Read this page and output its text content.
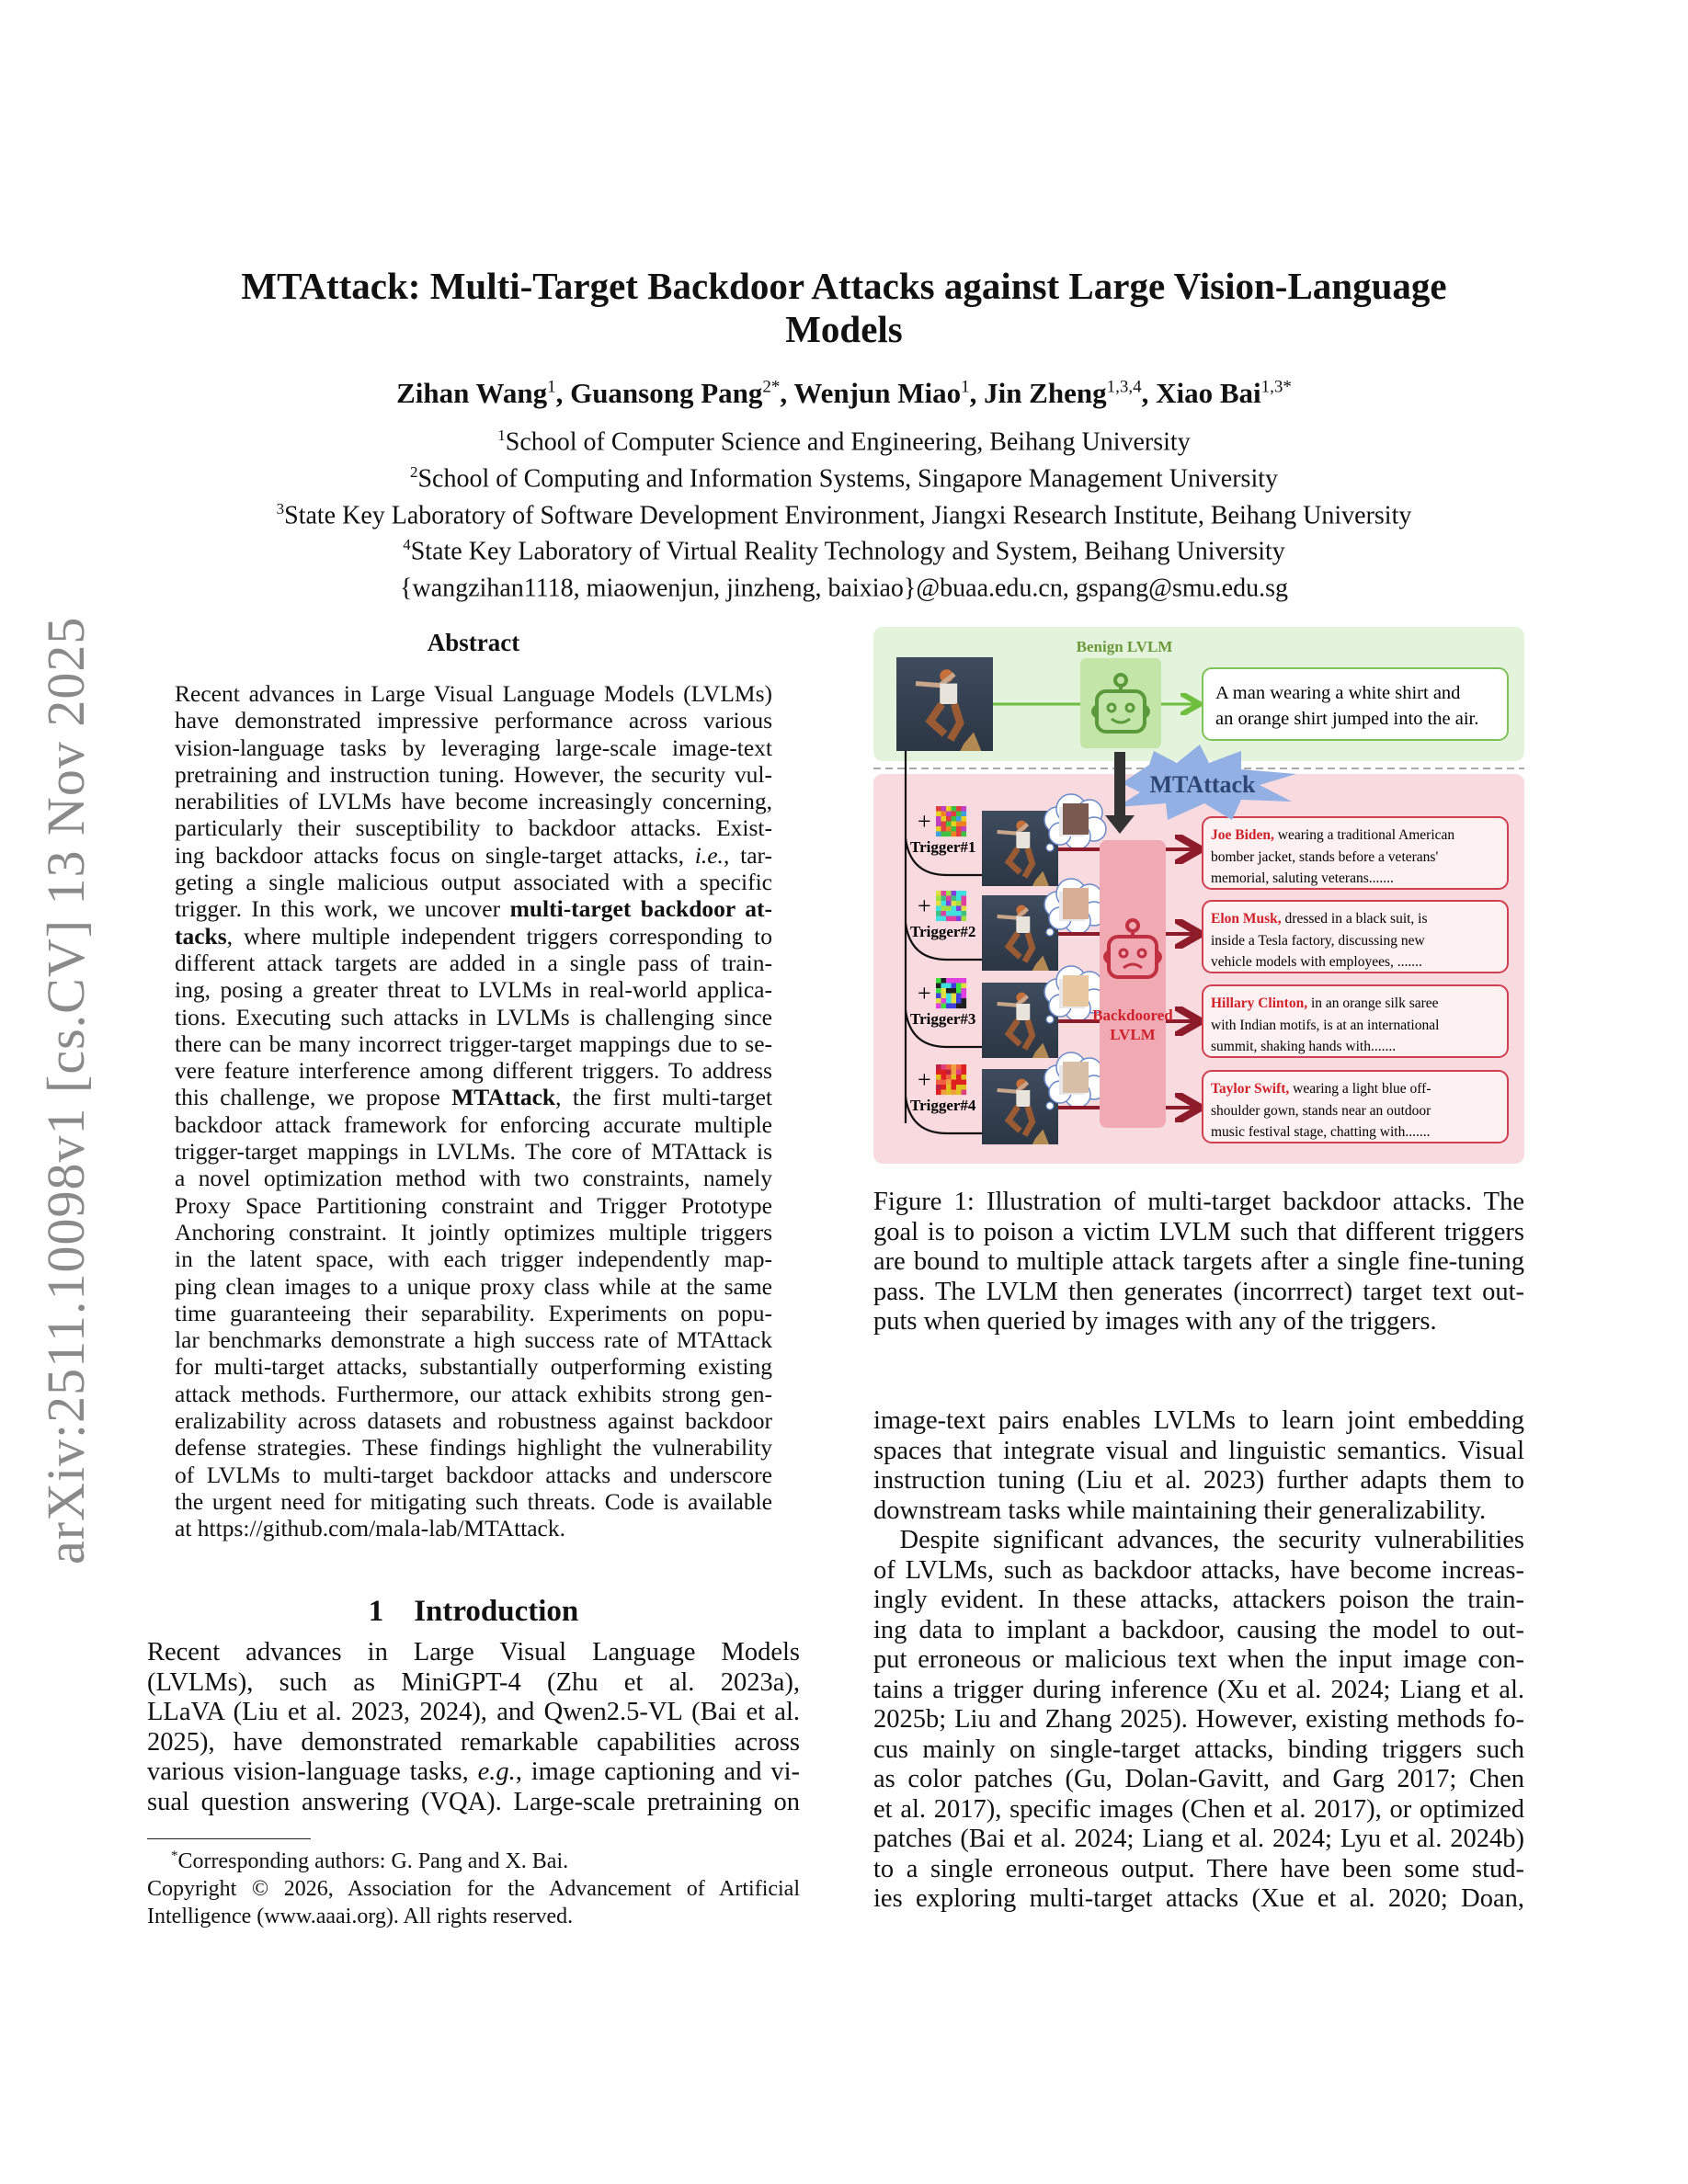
arXiv:2511.10098v1 [cs.CV] 13 Nov 2025
MTAttack: Multi-Target Backdoor Attacks against Large Vision-Language
Models
Zihan Wang$^1$, Guansong Pang$^{2*}$, Wenjun Miao$^1$, Jin Zheng$^{1,3,4}$, Xiao Bai$^{1,3*}$
$^1$School of Computer Science and Engineering, Beihang University
$^2$School of Computing and Information Systems, Singapore Management University
$^3$State Key Laboratory of Software Development Environment, Jiangxi Research Institute, Beihang University
$^4$State Key Laboratory of Virtual Reality Technology and System, Beihang University
{wangzihan1118, miaowenjun, jinzheng, baixiao}@buaa.edu.cn, gspang@smu.edu.sg
Abstract
Recent advances in Large Visual Language Models (LVLMs)
have demonstrated impressive performance across various
vision-language tasks by leveraging large-scale image-text
pretraining and instruction tuning. However, the security vul-
nerabilities of LVLMs have become increasingly concerning,
particularly their susceptibility to backdoor attacks. Exist-
ing backdoor attacks focus on single-target attacks, i.e., tar-
geting a single malicious output associated with a specific
trigger. In this work, we uncover multi-target backdoor at-
tacks, where multiple independent triggers corresponding to
different attack targets are added in a single pass of train-
ing, posing a greater threat to LVLMs in real-world applica-
tions. Executing such attacks in LVLMs is challenging since
there can be many incorrect trigger-target mappings due to se-
vere feature interference among different triggers. To address
this challenge, we propose MTAttack, the first multi-target
backdoor attack framework for enforcing accurate multiple
trigger-target mappings in LVLMs. The core of MTAttack is
a novel optimization method with two constraints, namely
Proxy Space Partitioning constraint and Trigger Prototype
Anchoring constraint. It jointly optimizes multiple triggers
in the latent space, with each trigger independently map-
ping clean images to a unique proxy class while at the same
time guaranteeing their separability. Experiments on popu-
lar benchmarks demonstrate a high success rate of MTAttack
for multi-target attacks, substantially outperforming existing
attack methods. Furthermore, our attack exhibits strong gen-
eralizability across datasets and robustness against backdoor
defense strategies. These findings highlight the vulnerability
of LVLMs to multi-target backdoor attacks and underscore
the urgent need for mitigating such threats. Code is available
at https://github.com/mala-lab/MTAttack.
1    Introduction
Recent advances in Large Visual Language Models
(LVLMs), such as MiniGPT-4 (Zhu et al. 2023a),
LLaVA (Liu et al. 2023, 2024), and Qwen2.5-VL (Bai et al.
2025), have demonstrated remarkable capabilities across
various vision-language tasks, e.g., image captioning and vi-
sual question answering (VQA). Large-scale pretraining on
*Corresponding authors: G. Pang and X. Bai.
Copyright © 2026, Association for the Advancement of Artificial
Intelligence (www.aaai.org). All rights reserved.
Benign LVLM
A man wearing a white shirt and
an orange shirt jumped into the air.
+
Trigger#1
Joe Biden, wearing a traditional American
bomber jacket, stands before a veterans'
memorial, saluting veterans.......
+
Trigger#2
Elon Musk, dressed in a black suit, is
inside a Tesla factory, discussing new
vehicle models with employees, .......
+
Trigger#3
Hillary Clinton, in an orange silk saree
with Indian motifs, is at an international
summit, shaking hands with.......
+
Trigger#4
Taylor Swift, wearing a light blue off-
shoulder gown, stands near an outdoor
music festival stage, chatting with.......
MTAttack
Backdoored
LVLM
Figure 1: Illustration of multi-target backdoor attacks. The
goal is to poison a victim LVLM such that different triggers
are bound to multiple attack targets after a single fine-tuning
pass. The LVLM then generates (incorrrect) target text out-
puts when queried by images with any of the triggers.
image-text pairs enables LVLMs to learn joint embedding
spaces that integrate visual and linguistic semantics. Visual
instruction tuning (Liu et al. 2023) further adapts them to
downstream tasks while maintaining their generalizability.
Despite significant advances, the security vulnerabilities
of LVLMs, such as backdoor attacks, have become increas-
ingly evident. In these attacks, attackers poison the train-
ing data to implant a backdoor, causing the model to out-
put erroneous or malicious text when the input image con-
tains a trigger during inference (Xu et al. 2024; Liang et al.
2025b; Liu and Zhang 2025). However, existing methods fo-
cus mainly on single-target attacks, binding triggers such
as color patches (Gu, Dolan-Gavitt, and Garg 2017; Chen
et al. 2017), specific images (Chen et al. 2017), or optimized
patches (Bai et al. 2024; Liang et al. 2024; Lyu et al. 2024b)
to a single erroneous output. There have been some stud-
ies exploring multi-target attacks (Xue et al. 2020; Doan,
